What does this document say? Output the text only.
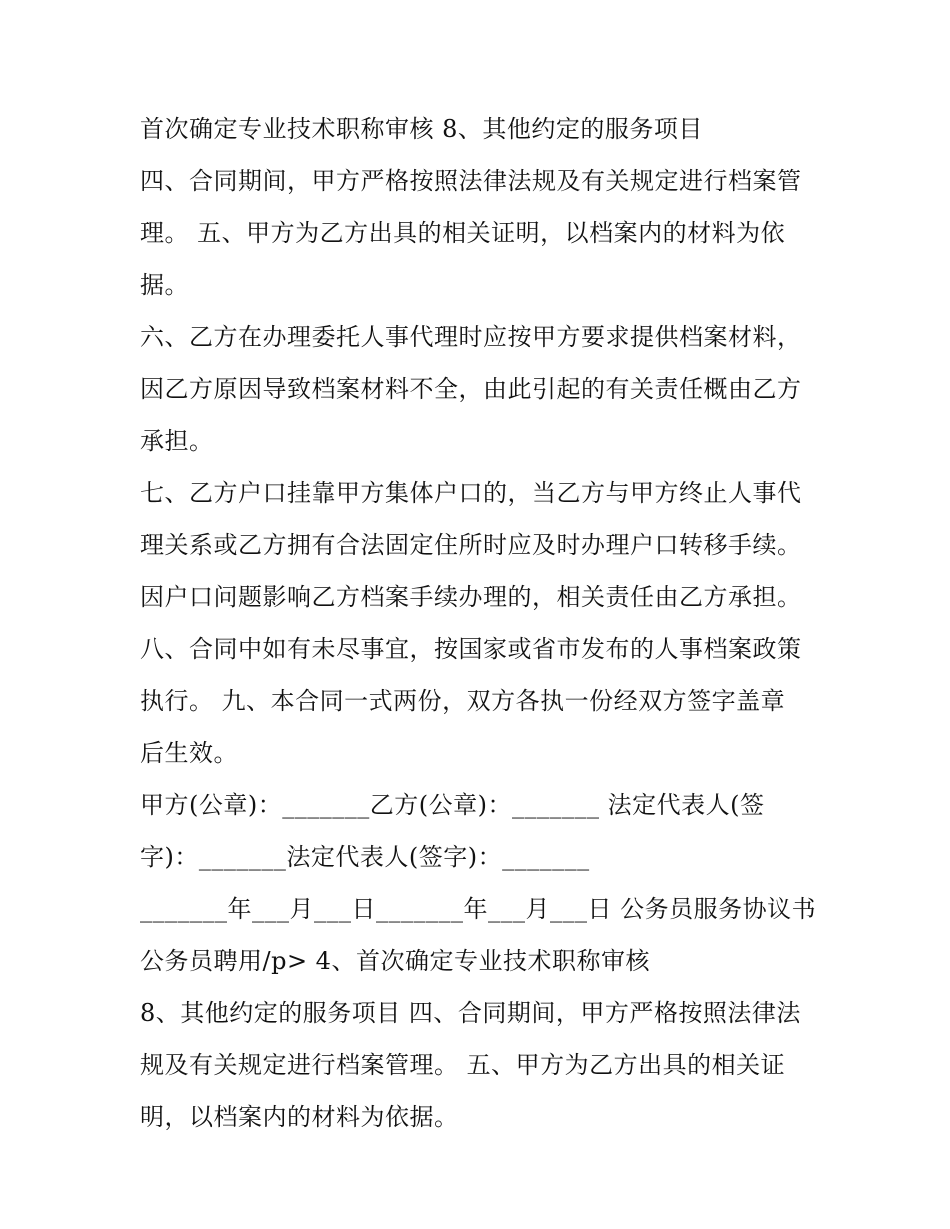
首次确定专业技术职称审核 8、其他约定的服务项目
四、合同期间，甲方严格按照法律法规及有关规定进行档案管
理。 五、甲方为乙方出具的相关证明，以档案内的材料为依
据。
六、乙方在办理委托人事代理时应按甲方要求提供档案材料，
因乙方原因导致档案材料不全，由此引起的有关责任概由乙方
承担。
七、乙方户口挂靠甲方集体户口的，当乙方与甲方终止人事代
理关系或乙方拥有合法固定住所时应及时办理户口转移手续。
因户口问题影响乙方档案手续办理的，相关责任由乙方承担。
八、合同中如有未尽事宜，按国家或省市发布的人事档案政策
执行。 九、本合同一式两份，双方各执一份经双方签字盖章
后生效。
甲方(公章)：_______乙方(公章)：_______ 法定代表人(签
字)：_______法定代表人(签字)：_______
_______年___月___日_______年___月___日 公务员服务协议书
公务员聘用/p> 4、首次确定专业技术职称审核
8、其他约定的服务项目 四、合同期间，甲方严格按照法律法
规及有关规定进行档案管理。 五、甲方为乙方出具的相关证
明，以档案内的材料为依据。
